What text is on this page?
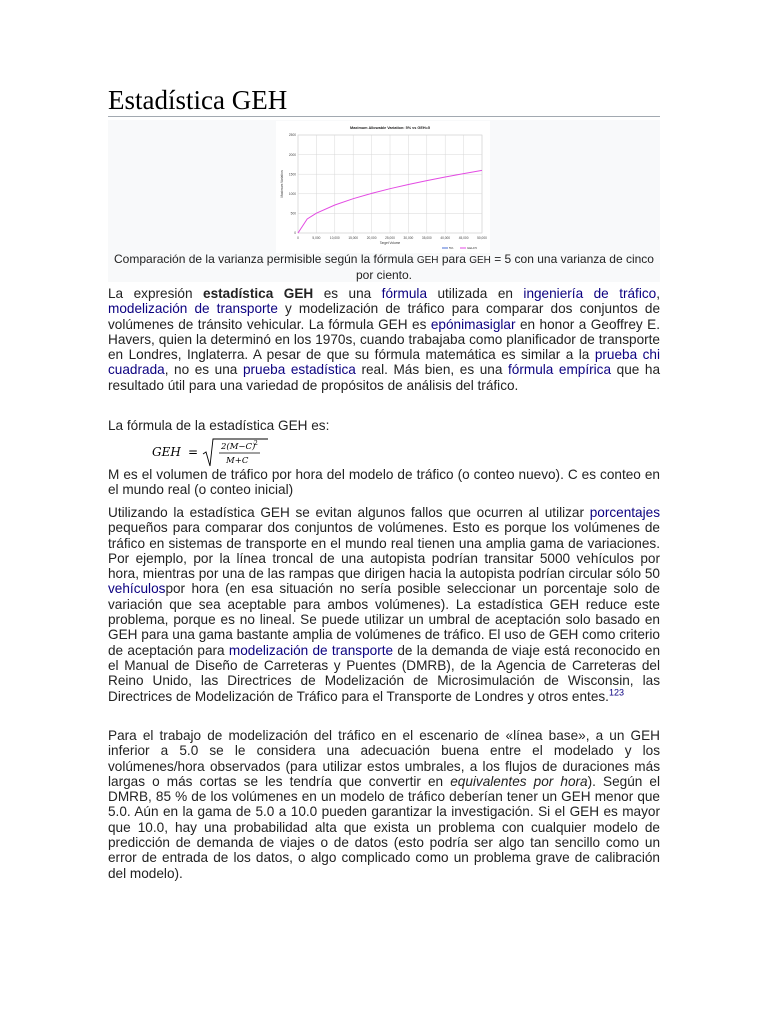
Estadística GEH
0	5,000	10,000	15,000	20,000	25,000	30,000	35,000	40,000	45,000	50,000
0
500
1000
1500
2000
2500
Maximum Allowable Variation: 5% vs GEH=5
Target Volume
Maximum Variation
5%	GEH=5
Comparación de la varianza permisible según la fórmula GEH para GEH = 5 con una varianza de cinco por ciento.

La expresión estadística GEH es una fórmula utilizada en ingeniería de tráfico, modelización de transporte y modelización de tráfico para comparar dos conjuntos de volúmenes de tránsito vehicular. La fórmula GEH es epónimasiglar en honor a Geoffrey E. Havers, quien la determinó en los 1970s, cuando trabajaba como planificador de transporte en Londres, Inglaterra. A pesar de que su fórmula matemática es similar a la prueba chi cuadrada, no es una prueba estadística real. Más bien, es una fórmula empírica que ha resultado útil para una variedad de propósitos de análisis del tráfico.

La fórmula de la estadística GEH es:

GEH =	2(M−C)
2
M+C

M es el volumen de tráfico por hora del modelo de tráfico (o conteo nuevo). C es conteo en el mundo real (o conteo inicial)

Utilizando la estadística GEH se evitan algunos fallos que ocurren al utilizar porcentajes pequeños para comparar dos conjuntos de volúmenes. Esto es porque los volúmenes de tráfico en sistemas de transporte en el mundo real tienen una amplia gama de variaciones. Por ejemplo, por la línea troncal de una autopista podrían transitar 5000 vehículos por hora, mientras por una de las rampas que dirigen hacia la autopista podrían circular sólo 50 vehículospor hora (en esa situación no sería posible seleccionar un porcentaje solo de variación que sea aceptable para ambos volúmenes). La estadística GEH reduce este problema, porque es no lineal. Se puede utilizar un umbral de aceptación solo basado en GEH para una gama bastante amplia de volúmenes de tráfico. El uso de GEH como criterio de aceptación para modelización de transporte de la demanda de viaje está reconocido en el Manual de Diseño de Carreteras y Puentes (DMRB), de la Agencia de Carreteras del Reino Unido, las Directrices de Modelización de Microsimulación de Wisconsin, las Directrices de Modelización de Tráfico para el Transporte de Londres y otros entes.$^{123}$

Para el trabajo de modelización del tráfico en el escenario de «línea base», a un GEH inferior a 5.0 se le considera una adecuación buena entre el modelado y los volúmenes/hora observados (para utilizar estos umbrales, a los flujos de duraciones más largas o más cortas se les tendría que convertir en equivalentes por hora). Según el DMRB, 85 % de los volúmenes en un modelo de tráfico deberían tener un GEH menor que 5.0. Aún en la gama de 5.0 a 10.0 pueden garantizar la investigación. Si el GEH es mayor que 10.0, hay una probabilidad alta que exista un problema con cualquier modelo de predicción de demanda de viajes o de datos (esto podría ser algo tan sencillo como un error de entrada de los datos, o algo complicado como un problema grave de calibración del modelo).
